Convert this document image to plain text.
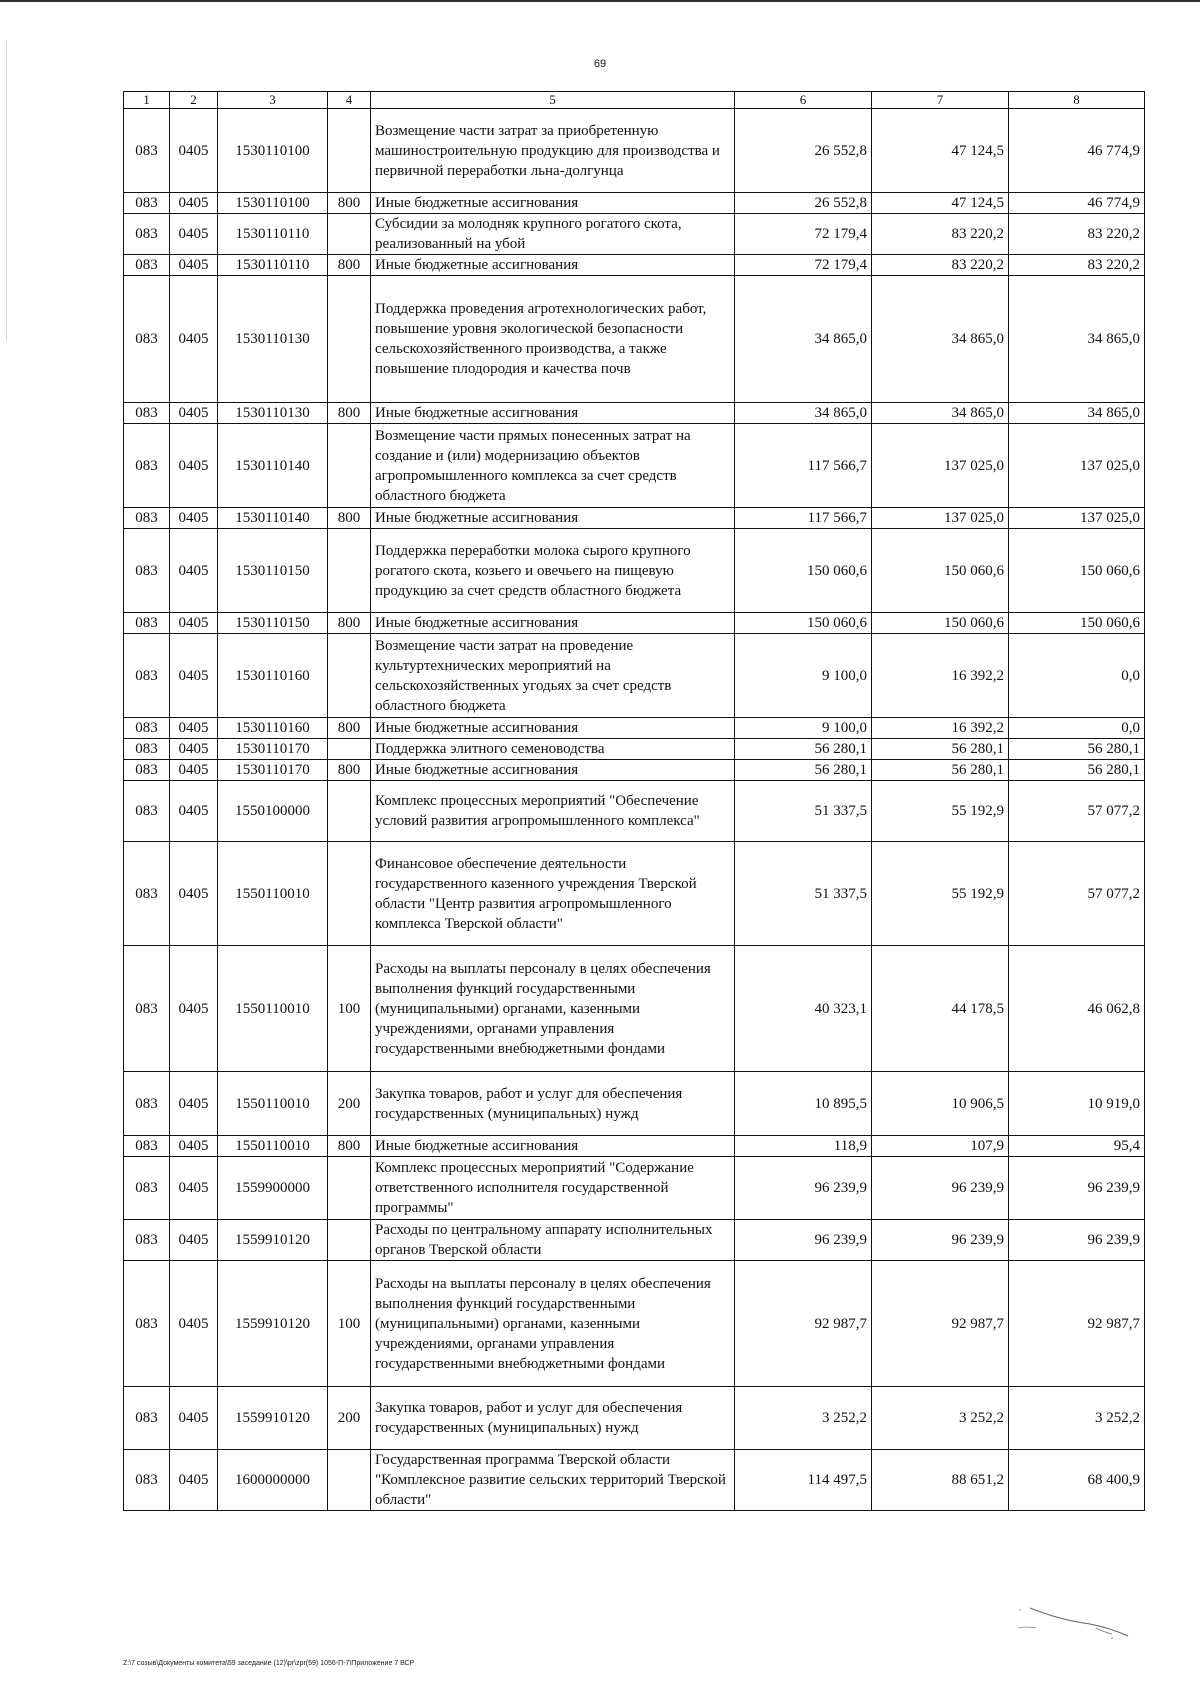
69
1	2	3	4	5	6	7	8
083	0405	1530110100		Возмещение части затрат за приобретенную машиностроительную продукцию для производства и первичной переработки льна-долгунца	26 552,8	47 124,5	46 774,9
083	0405	1530110100	800	Иные бюджетные ассигнования	26 552,8	47 124,5	46 774,9
083	0405	1530110110		Субсидии за молодняк крупного рогатого скота, реализованный на убой	72 179,4	83 220,2	83 220,2
083	0405	1530110110	800	Иные бюджетные ассигнования	72 179,4	83 220,2	83 220,2
083	0405	1530110130		Поддержка проведения агротехнологических работ, повышение уровня экологической безопасности сельскохозяйственного производства, а также повышение плодородия и качества почв	34 865,0	34 865,0	34 865,0
083	0405	1530110130	800	Иные бюджетные ассигнования	34 865,0	34 865,0	34 865,0
083	0405	1530110140		Возмещение части прямых понесенных затрат на создание и (или) модернизацию объектов агропромышленного комплекса за счет средств областного бюджета	117 566,7	137 025,0	137 025,0
083	0405	1530110140	800	Иные бюджетные ассигнования	117 566,7	137 025,0	137 025,0
083	0405	1530110150		Поддержка переработки молока сырого крупного рогатого скота, козьего и овечьего на пищевую продукцию за счет средств областного бюджета	150 060,6	150 060,6	150 060,6
083	0405	1530110150	800	Иные бюджетные ассигнования	150 060,6	150 060,6	150 060,6
083	0405	1530110160		Возмещение части затрат на проведение культуртехнических мероприятий на сельскохозяйственных угодьях за счет средств областного бюджета	9 100,0	16 392,2	0,0
083	0405	1530110160	800	Иные бюджетные ассигнования	9 100,0	16 392,2	0,0
083	0405	1530110170		Поддержка элитного семеноводства	56 280,1	56 280,1	56 280,1
083	0405	1530110170	800	Иные бюджетные ассигнования	56 280,1	56 280,1	56 280,1
083	0405	1550100000		Комплекс процессных мероприятий "Обеспечение условий развития агропромышленного комплекса"	51 337,5	55 192,9	57 077,2
083	0405	1550110010		Финансовое обеспечение деятельности государственного казенного учреждения Тверской области "Центр развития агропромышленного комплекса Тверской области"	51 337,5	55 192,9	57 077,2
083	0405	1550110010	100	Расходы на выплаты персоналу в целях обеспечения выполнения функций государственными (муниципальными) органами, казенными учреждениями, органами управления государственными внебюджетными фондами	40 323,1	44 178,5	46 062,8
083	0405	1550110010	200	Закупка товаров, работ и услуг для обеспечения государственных (муниципальных) нужд	10 895,5	10 906,5	10 919,0
083	0405	1550110010	800	Иные бюджетные ассигнования	118,9	107,9	95,4
083	0405	1559900000		Комплекс процессных мероприятий "Содержание ответственного исполнителя государственной программы"	96 239,9	96 239,9	96 239,9
083	0405	1559910120		Расходы по центральному аппарату исполнительных органов Тверской области	96 239,9	96 239,9	96 239,9
083	0405	1559910120	100	Расходы на выплаты персоналу в целях обеспечения выполнения функций государственными (муниципальными) органами, казенными учреждениями, органами управления государственными внебюджетными фондами	92 987,7	92 987,7	92 987,7
083	0405	1559910120	200	Закупка товаров, работ и услуг для обеспечения государственных (муниципальных) нужд	3 252,2	3 252,2	3 252,2
083	0405	1600000000		Государственная программа Тверской области "Комплексное развитие сельских территорий Тверской области"	114 497,5	88 651,2	68 400,9
Z:\7 созыв\Документы комитета\59 заседание (12)\pr\zpr(59) 1056-П-7\Приложение 7 ВСР
